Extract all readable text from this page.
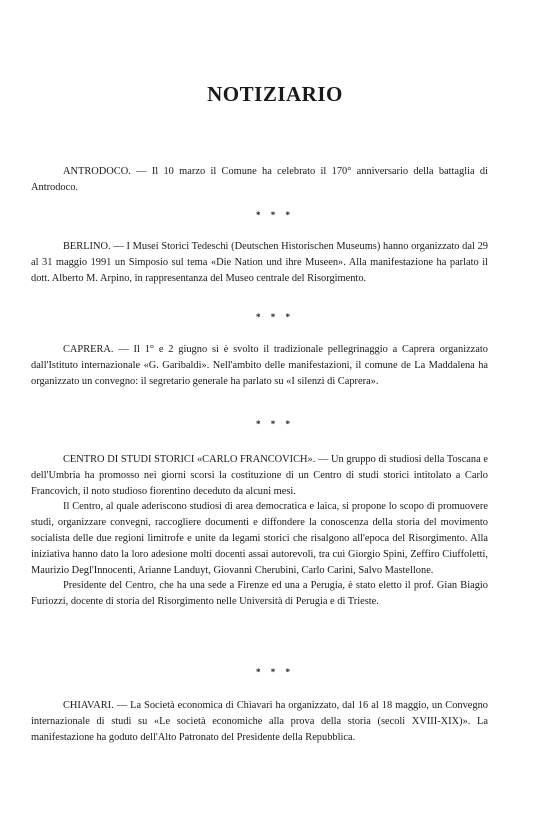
NOTIZIARIO

ANTRODOCO. — Il 10 marzo il Comune ha celebrato il 170° anniversario della battaglia di Antrodoco.

* * *

BERLINO. — I Musei Storici Tedeschi (Deutschen Historischen Museums) hanno organizzato dal 29 al 31 maggio 1991 un Simposio sul tema «Die Nation und ihre Museen». Alla manifestazione ha parlato il dott. Alberto M. Arpino, in rappresentanza del Museo centrale del Risorgimento.

* * *

CAPRERA. — Il 1° e 2 giugno si è svolto il tradizionale pellegrinaggio a Caprera organizzato dall'Istituto internazionale «G. Garibaldi». Nell'ambito delle manifestazioni, il comune de La Maddalena ha organizzato un convegno: il segretario generale ha parlato su «I silenzi di Caprera».

* * *

CENTRO DI STUDI STORICI «CARLO FRANCOVICH». — Un gruppo di studiosi della Toscana e dell'Umbria ha promosso nei giorni scorsi la costituzione di un Centro di studi storici intitolato a Carlo Francovich, il noto studioso fiorentino deceduto da alcuni mesi.

Il Centro, al quale aderiscono studiosi di area democratica e laica, si propone lo scopo di promuovere studi, organizzare convegni, raccogliere documenti e diffondere la conoscenza della storia del movimento socialista delle due regioni limitrofe e unite da legami storici che risalgono all'epoca del Risorgimento. Alla iniziativa hanno dato la loro adesione molti docenti assai autorevoli, tra cui Giorgio Spini, Zeffiro Ciuffoletti, Maurizio Degl'Innocenti, Arianne Landuyt, Giovanni Cherubini, Carlo Carini, Salvo Mastellone.

Presidente del Centro, che ha una sede a Firenze ed una a Perugia, è stato eletto il prof. Gian Biagio Furiozzi, docente di storia del Risorgimento nelle Università di Perugia e di Trieste.

* * *

CHIAVARI. — La Società economica di Chiavari ha organizzato, dal 16 al 18 maggio, un Convegno internazionale di studi su «Le società economiche alla prova della storia (secoli XVIII-XIX)». La manifestazione ha goduto dell'Alto Patronato del Presidente della Repubblica.
